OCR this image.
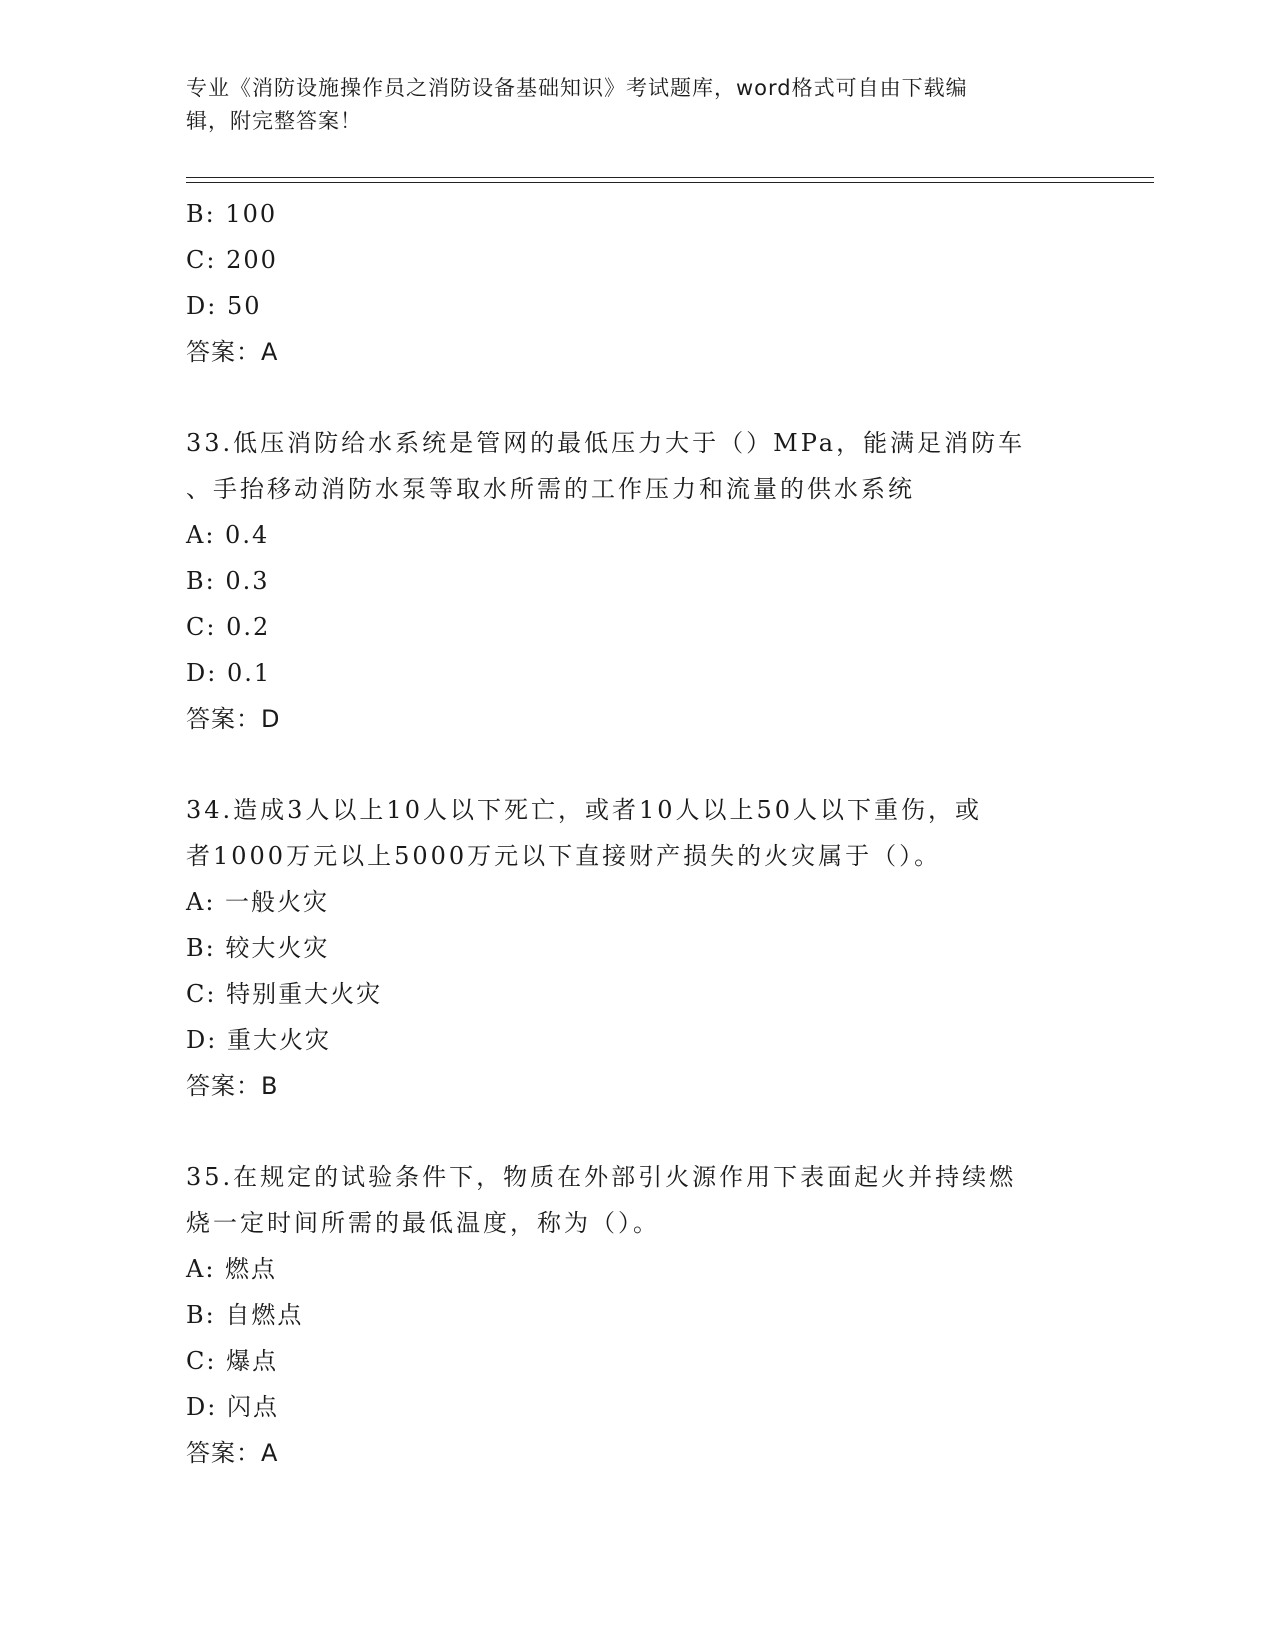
专业《消防设施操作员之消防设备基础知识》考试题库，word格式可自由下载编
辑，附完整答案！
B: 100
C: 200
D: 50
答案：A
33.低压消防给水系统是管网的最低压力大于（）MPa，能满足消防车
、手抬移动消防水泵等取水所需的工作压力和流量的供水系统
A: 0.4
B: 0.3
C: 0.2
D: 0.1
答案：D
34.造成3人以上10人以下死亡，或者10人以上50人以下重伤，或
者1000万元以上5000万元以下直接财产损失的火灾属于（）。
A: 一般火灾
B: 较大火灾
C: 特别重大火灾
D: 重大火灾
答案：B
35.在规定的试验条件下，物质在外部引火源作用下表面起火并持续燃
烧一定时间所需的最低温度，称为（）。
A: 燃点
B: 自燃点
C: 爆点
D: 闪点
答案：A
